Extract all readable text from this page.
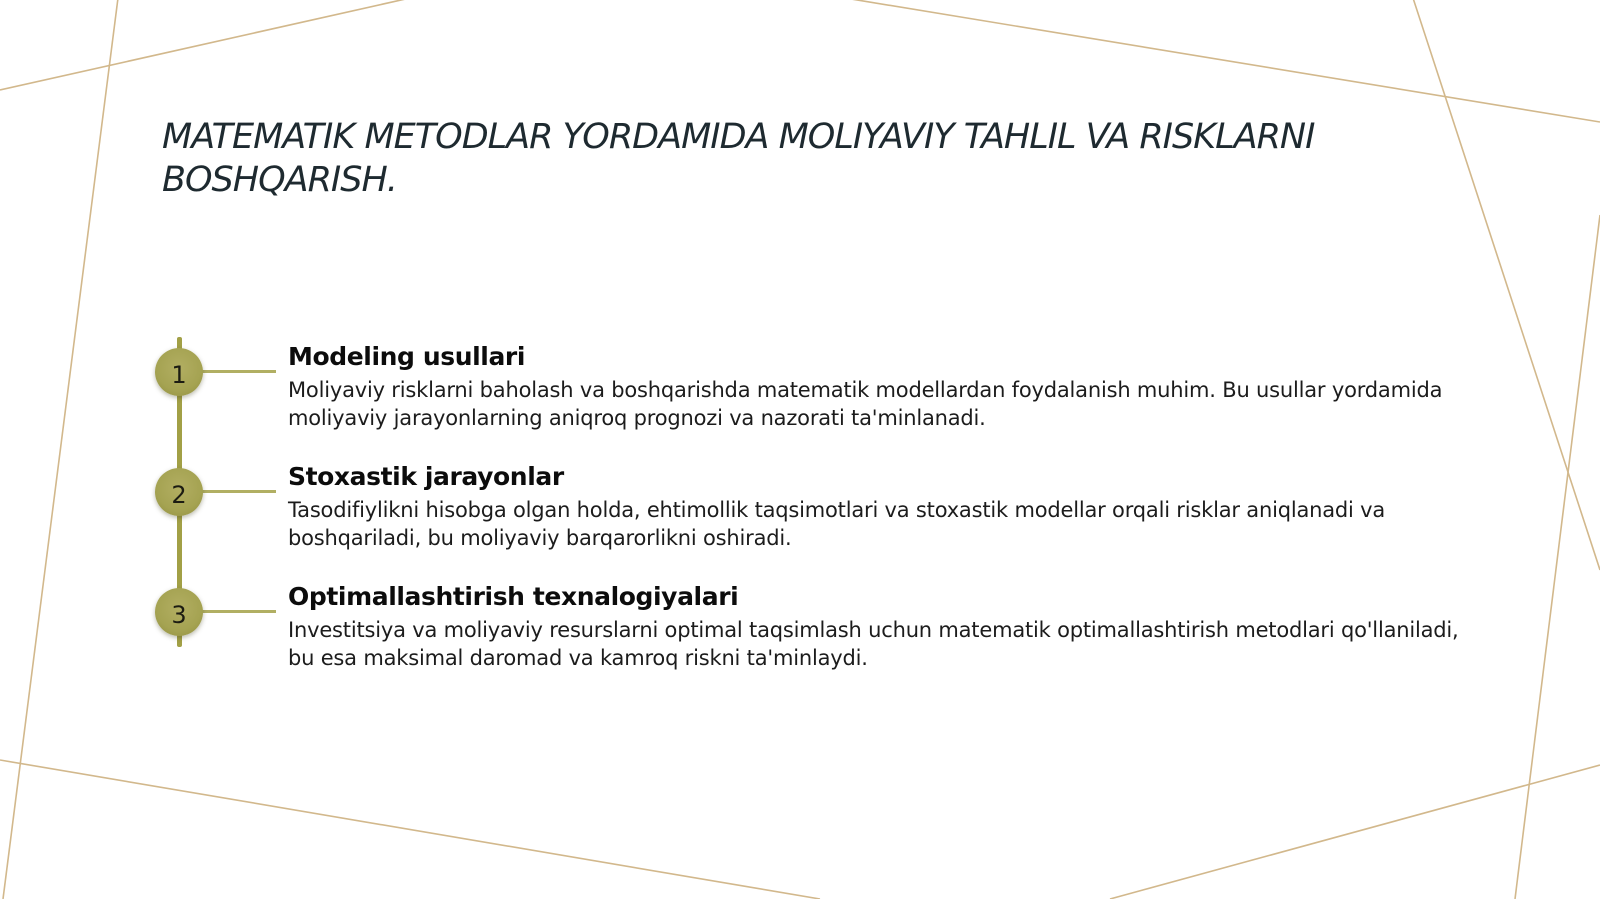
MATEMATIK METODLAR YORDAMIDA MOLIYAVIY TAHLIL VA RISKLARNI BOSHQARISH.
1
Modeling usullari

Moliyaviy risklarni baholash va boshqarishda matematik modellardan foydalanish muhim. Bu usullar yordamida moliyaviy jarayonlarning aniqroq prognozi va nazorati ta'minlanadi.

2
Stoxastik jarayonlar

Tasodifiylikni hisobga olgan holda, ehtimollik taqsimotlari va stoxastik modellar orqali risklar aniqlanadi va boshqariladi, bu moliyaviy barqarorlikni oshiradi.

3
Optimallashtirish texnalogiyalari

Investitsiya va moliyaviy resurslarni optimal taqsimlash uchun matematik optimallashtirish metodlari qo'llaniladi, bu esa maksimal daromad va kamroq riskni ta'minlaydi.
